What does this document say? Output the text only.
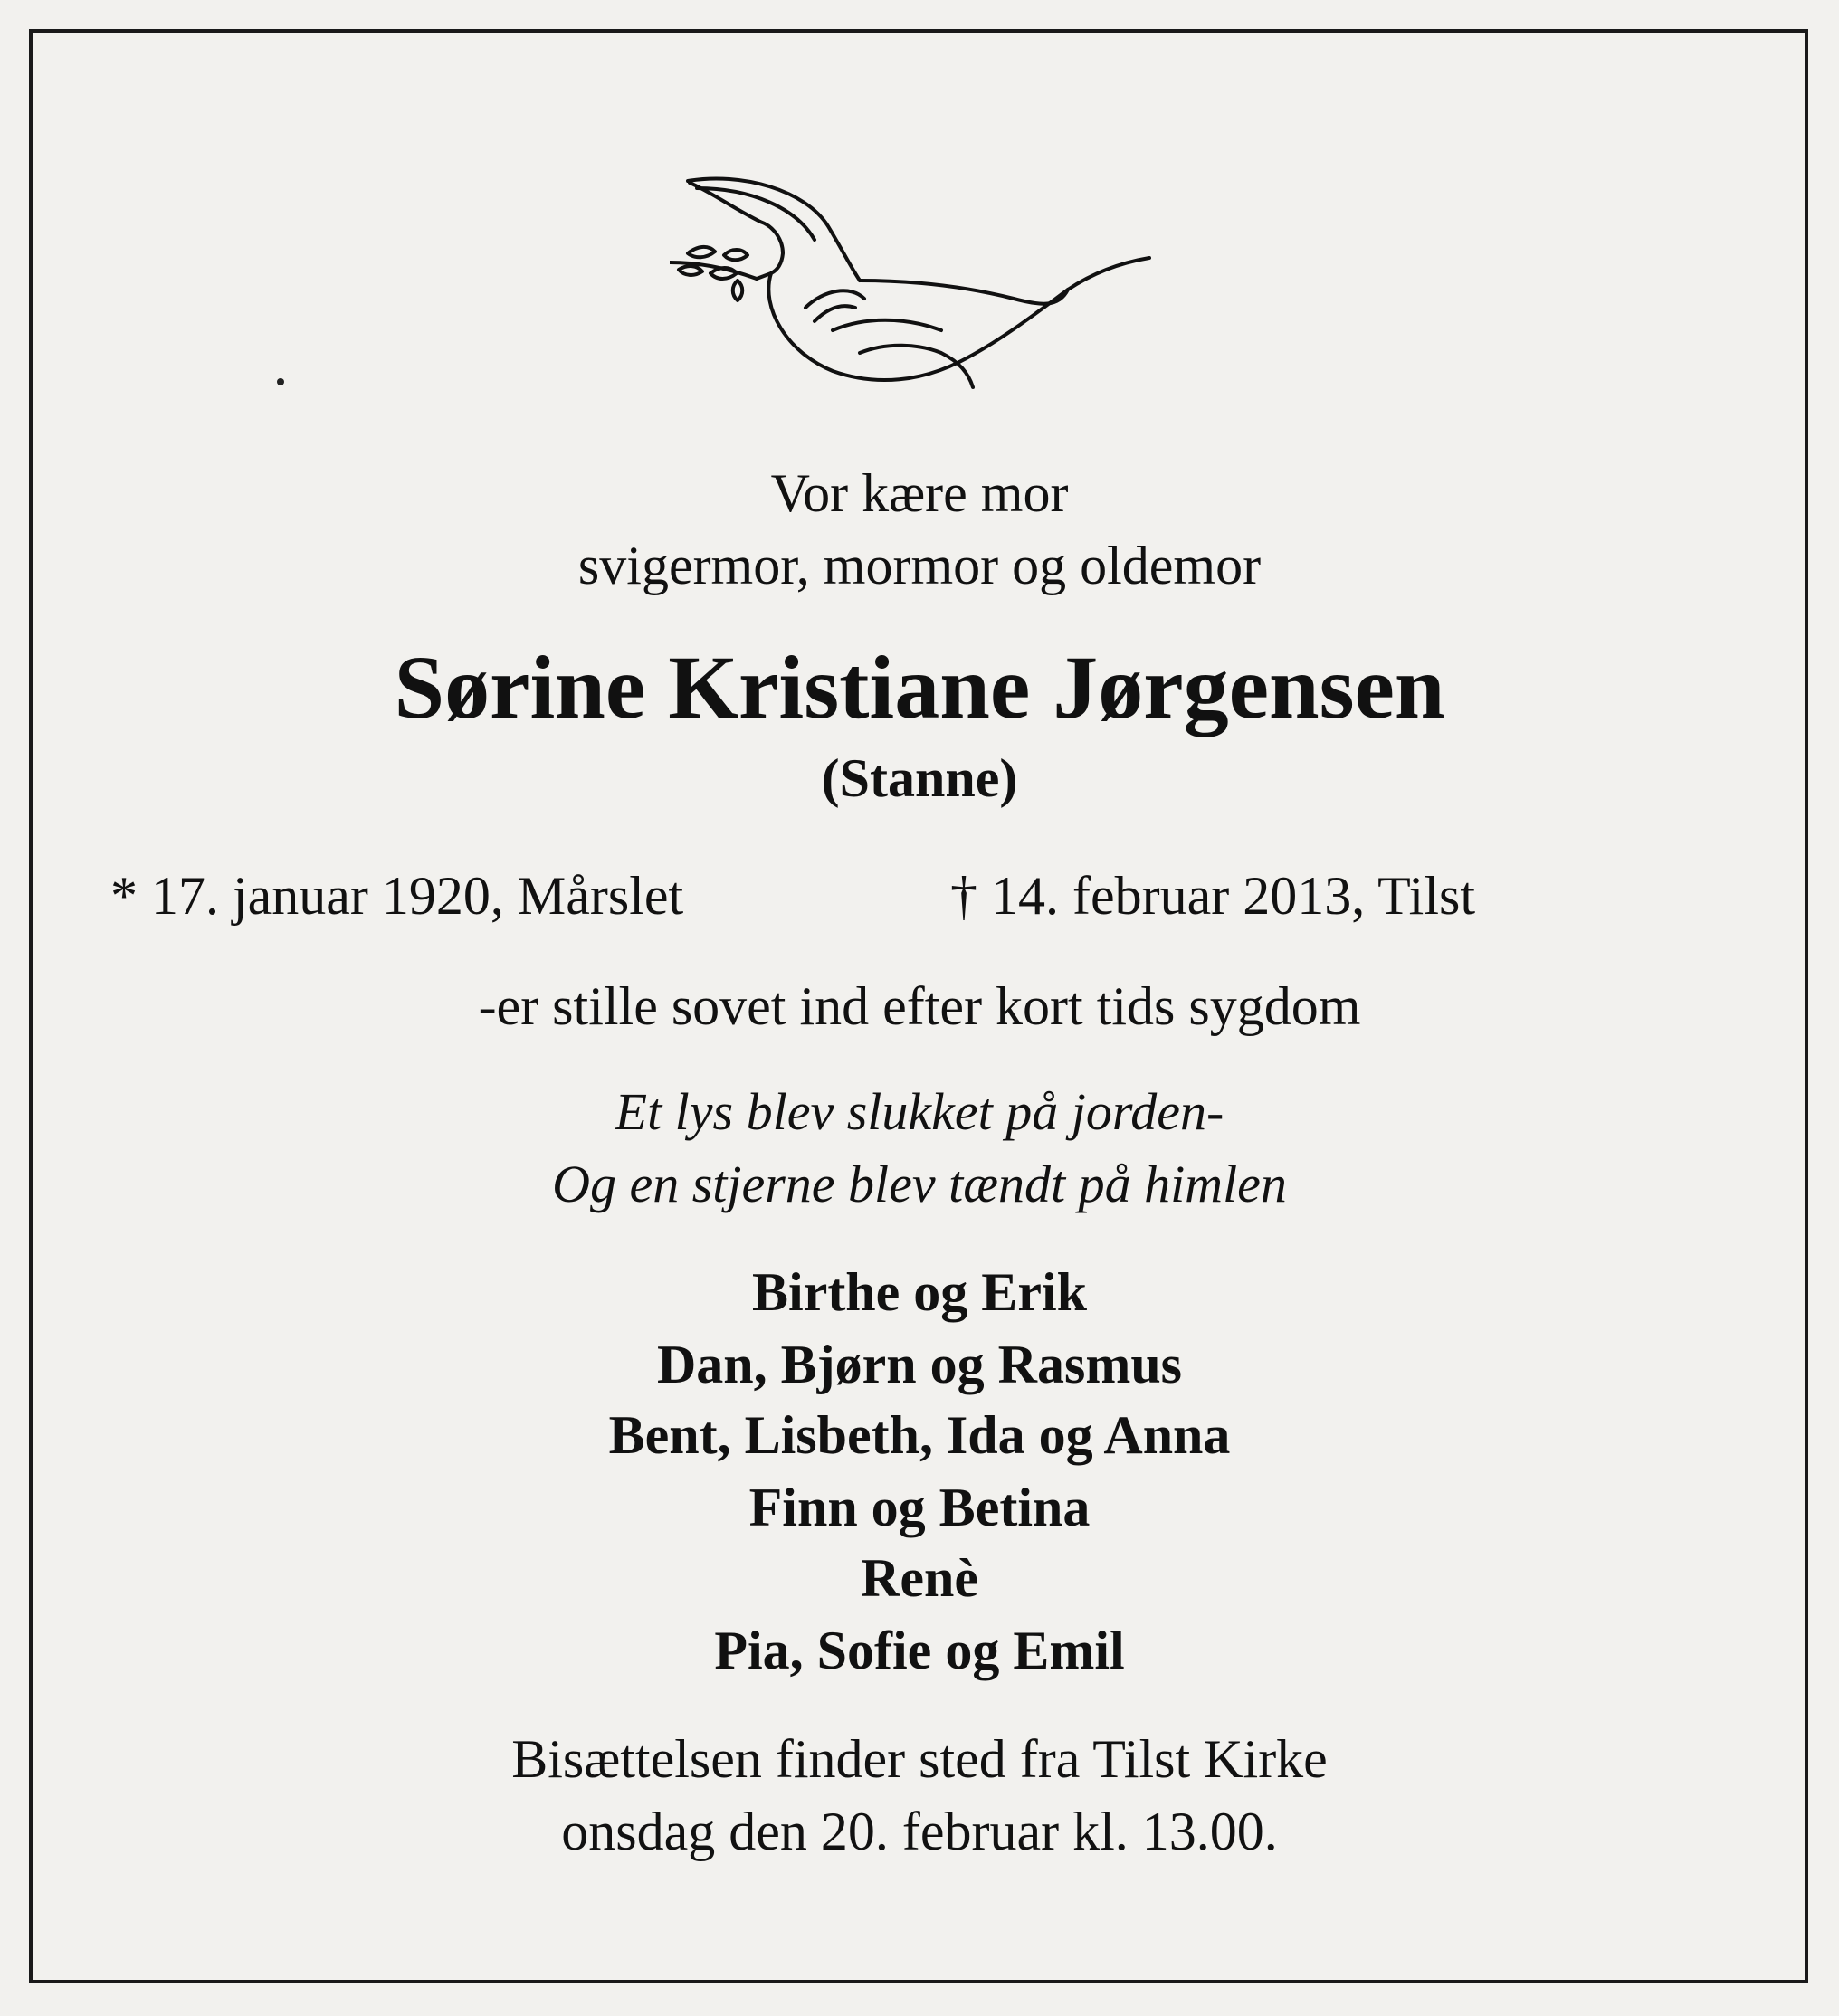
Vor kære mor
svigermor, mormor og oldemor
Sørine Kristiane Jørgensen
(Stanne)
* 17. januar 1920, Mårslet	† 14. februar 2013, Tilst
-er stille sovet ind efter kort tids sygdom
Et lys blev slukket på jorden-
Og en stjerne blev tændt på himlen
Birthe og Erik
Dan, Bjørn og Rasmus
Bent, Lisbeth, Ida og Anna
Finn og Betina
Renè
Pia, Sofie og Emil
Bisættelsen finder sted fra Tilst Kirke
onsdag den 20. februar kl. 13.00.
